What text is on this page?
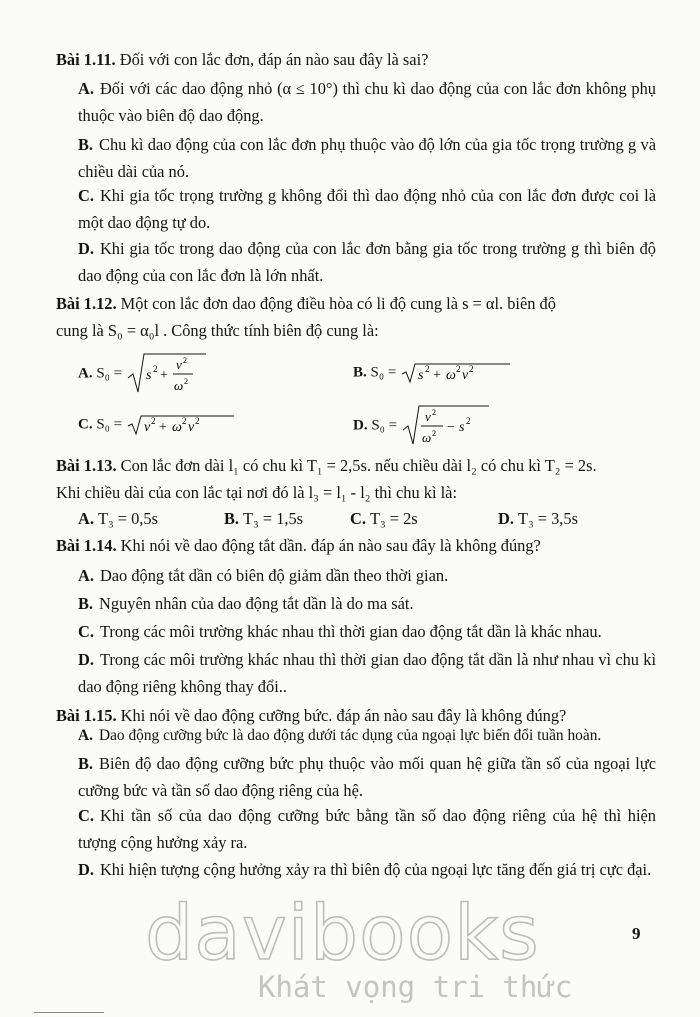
Bài 1.11. Đối với con lắc đơn, đáp án nào sau đây là sai?
A. Đối với các dao động nhỏ (α ≤ 10°) thì chu kì dao động của con lắc đơn không phụ thuộc vào biên độ dao động.
B. Chu kì dao động của con lắc đơn phụ thuộc vào độ lớn của gia tốc trọng trường g và chiều dài của nó.
C. Khi gia tốc trọng trường g không đổi thì dao động nhỏ của con lắc đơn được coi là một dao động tự do.
D. Khi gia tốc trong dao động của con lắc đơn bằng gia tốc trong trường g thì biên độ dao động của con lắc đơn là lớn nhất.
Bài 1.12. Một con lắc đơn dao động điều hòa có li độ cung là s = αl. biên độ
cung là S₀ = α₀l . Công thức tính biên độ cung là:
A. S₀ = s 2 +
v 2
ω 2
B. S₀ = s 2 + ω 2 v 2
C. S₀ = v 2 + ω 2 v 2	D. S₀ =
v 2
ω 2 − s 2
Bài 1.13. Con lắc đơn dài l₁ có chu kì T₁ = 2,5s. nếu chiều dài l₂ có chu kì T₂ = 2s.
Khi chiều dài của con lắc tại nơi đó là l₃ = l₁ - l₂ thì chu kì là:
A. T₃ = 0,5s	B. T₃ = 1,5s	C. T₃ = 2s	D. T₃ = 3,5s
Bài 1.14. Khi nói về dao động tắt dần. đáp án nào sau đây là không đúng?
A. Dao động tắt dần có biên độ giảm dần theo thời gian.
B. Nguyên nhân của dao động tắt dần là do ma sát.
C. Trong các môi trường khác nhau thì thời gian dao động tắt dần là khác nhau.
D. Trong các môi trường khác nhau thì thời gian dao động tắt dần là như nhau vì chu kì dao động riêng không thay đổi..
Bài 1.15. Khi nói về dao động cưỡng bức. đáp án nào sau đây là không đúng?
A. Dao động cưỡng bức là dao động dưới tác dụng của ngoại lực biến đổi tuần hoàn.
B. Biên độ dao động cưỡng bức phụ thuộc vào mối quan hệ giữa tần số của ngoại lực cưỡng bức và tần số dao động riêng của hệ.
C. Khi tần số của dao động cưỡng bức bằng tần số dao động riêng của hệ thì hiện tượng cộng hưởng xảy ra.
D. Khi hiện tượng cộng hưởng xảy ra thì biên độ của ngoại lực tăng đến giá trị cực đại.
9
davibooks
Khát vọng tri thức
